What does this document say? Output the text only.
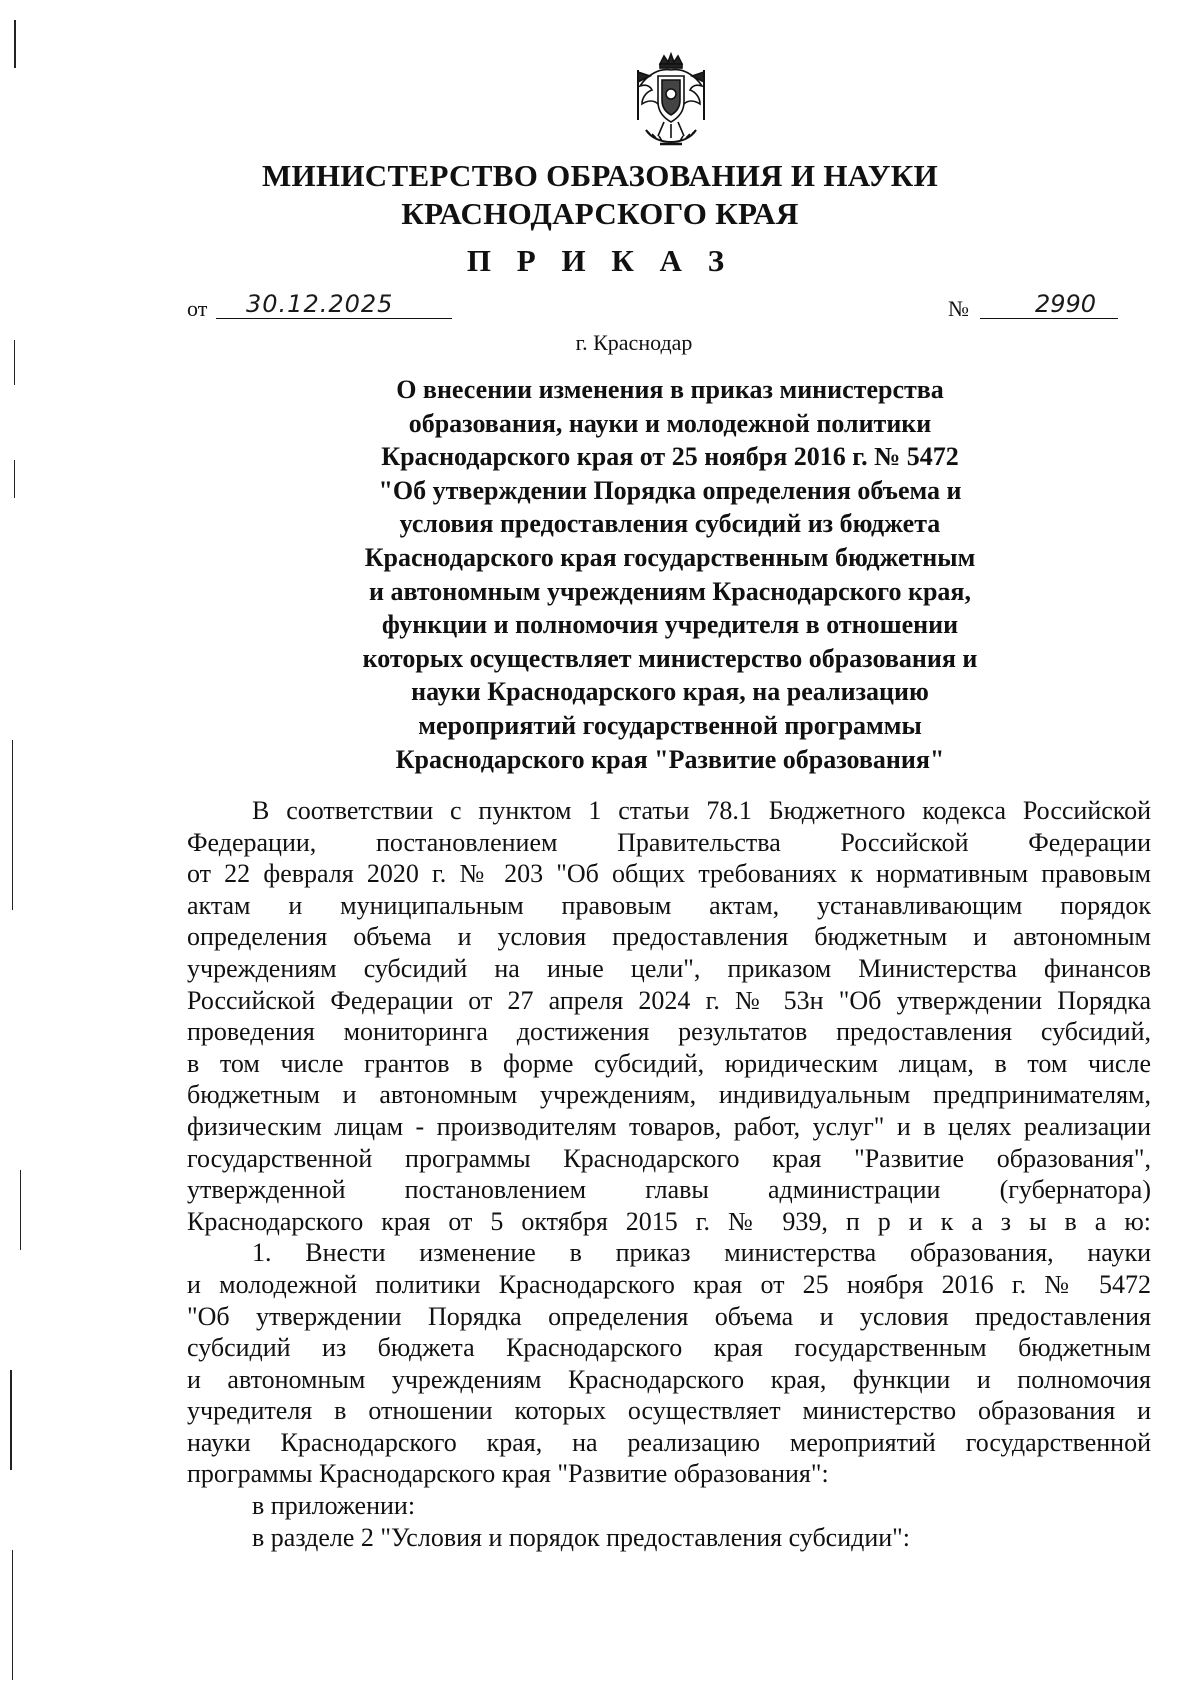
МИНИСТЕРСТВО ОБРАЗОВАНИЯ И НАУКИ
КРАСНОДАРСКОГО КРАЯ
П Р И К А З
от 30.12.2025	№	2990
г. Краснодар
О внесении изменения в приказ министерства
образования, науки и молодежной политики
Краснодарского края от 25 ноября 2016 г. № 5472
"Об утверждении Порядка определения объема и
условия предоставления субсидий из бюджета
Краснодарского края государственным бюджетным
и автономным учреждениям Краснодарского края,
функции и полномочия учредителя в отношении
которых осуществляет министерство образования и
науки Краснодарского края, на реализацию
мероприятий государственной программы
Краснодарского края "Развитие образования"
В соответствии с пунктом 1 статьи 78.1 Бюджетного кодекса Российской
Федерации, постановлением Правительства Российской Федерации
от 22 февраля 2020 г. № 203 "Об общих требованиях к нормативным правовым
актам и муниципальным правовым актам, устанавливающим порядок
определения объема и условия предоставления бюджетным и автономным
учреждениям субсидий на иные цели", приказом Министерства финансов
Российской Федерации от 27 апреля 2024 г. № 53н "Об утверждении Порядка
проведения мониторинга достижения результатов предоставления субсидий,
в том числе грантов в форме субсидий, юридическим лицам, в том числе
бюджетным и автономным учреждениям, индивидуальным предпринимателям,
физическим лицам - производителям товаров, работ, услуг" и в целях реализации
государственной программы Краснодарского края "Развитие образования",
утвержденной постановлением главы администрации (губернатора)
Краснодарского края от 5 октября 2015 г. № 939, п р и к а з ы в а ю:
1. Внести изменение в приказ министерства образования, науки
и молодежной политики Краснодарского края от 25 ноября 2016 г. № 5472
"Об утверждении Порядка определения объема и условия предоставления
субсидий из бюджета Краснодарского края государственным бюджетным
и автономным учреждениям Краснодарского края, функции и полномочия
учредителя в отношении которых осуществляет министерство образования и
науки Краснодарского края, на реализацию мероприятий государственной
программы Краснодарского края "Развитие образования":
в приложении:
в разделе 2 "Условия и порядок предоставления субсидии":
